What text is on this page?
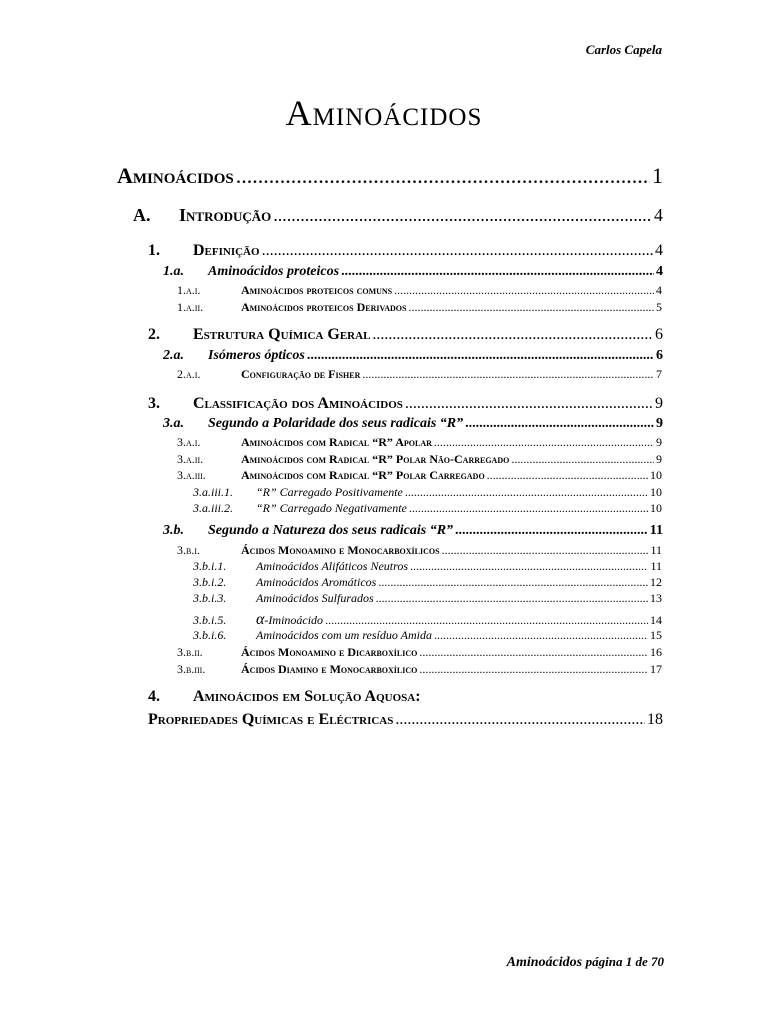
Carlos Capela
Aminoácidos
Aminoácidos .....	1
A.	Introdução .....	4
1.	Definição .....	4
1.a.	Aminoácidos proteicos .....	4
1.a.i.	Aminoácidos proteicos comuns .....	4
1.a.ii.	Aminoácidos proteicos Derivados .....	5
2.	Estrutura Química Geral .....	6
2.a.	Isómeros ópticos .....	6
2.a.i.	Configuração de Fisher .....	7
3.	Classificação dos Aminoácidos .....	9
3.a.	Segundo a Polaridade dos seus radicais “R” .....	9
3.a.i.	Aminoácidos com Radical “R” Apolar .....	9
3.a.ii.	Aminoácidos com Radical “R” Polar Não-Carregado .....	9
3.a.iii.	Aminoácidos com Radical “R” Polar Carregado .....	10
3.a.iii.1.	“R” Carregado Positivamente .....	10
3.a.iii.2.	“R” Carregado Negativamente .....	10
3.b.	Segundo a Natureza dos seus radicais “R” .....	11
3.b.i.	Ácidos Monoamino e Monocarboxílicos .....	11
3.b.i.1.	Aminoácidos Alifáticos Neutros .....	11
3.b.i.2.	Aminoácidos Aromáticos .....	12
3.b.i.3.	Aminoácidos Sulfurados .....	13
3.b.i.5.	α-Iminoácido .....	14
3.b.i.6.	Aminoácidos com um resíduo Amida .....	15
3.b.ii.	Ácidos Monoamino e Dicarboxílico .....	16
3.b.iii.	Ácidos Diamino e Monocarboxílico .....	17
4.	Aminoácidos em Solução Aquosa:
Propriedades Químicas e Eléctricas .....	18
Aminoácidos página 1 de 70
